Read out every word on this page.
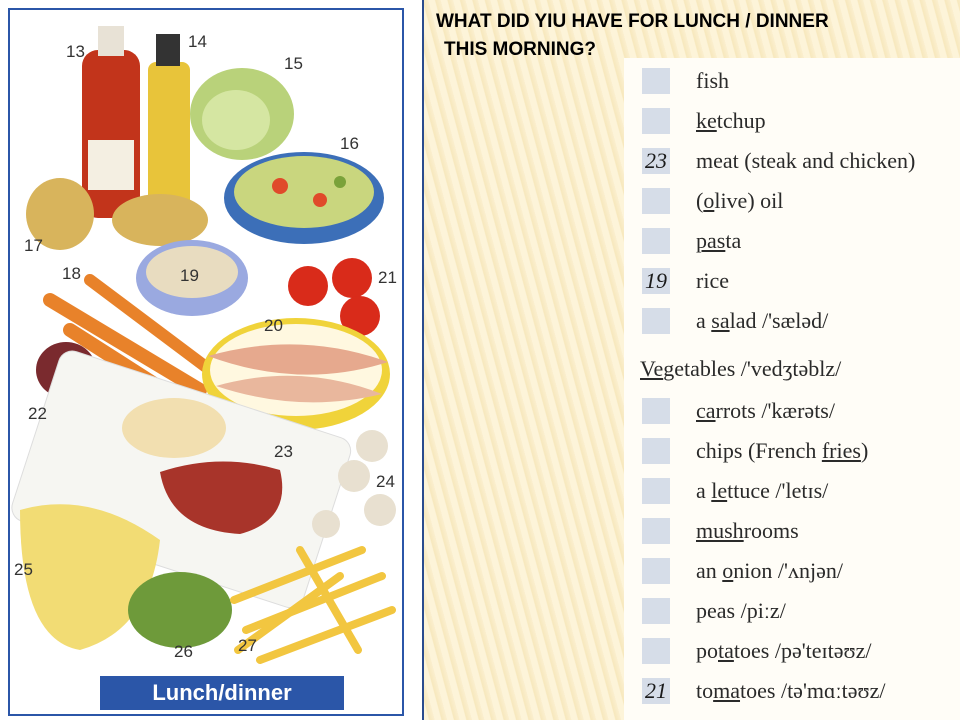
13
14
15
16
17
18	19
20
21
22
23
24
25
26	27
Lunch/dinner
WHAT DID YIU HAVE FOR LUNCH / DINNER
THIS MORNING?
fish
ketchup
23 meat (steak and chicken)
(olive) oil
pasta
19 rice
a salad /'sæləd/
Vegetables /'vedʒtəblz/
carrots /'kærəts/
chips (French fries)
a lettuce /'letɪs/
mushrooms
an onion /'ʌnjən/
peas /piːz/
potatoes /pə'teɪtəʊz/
21 tomatoes /tə'mɑːtəʊz/
